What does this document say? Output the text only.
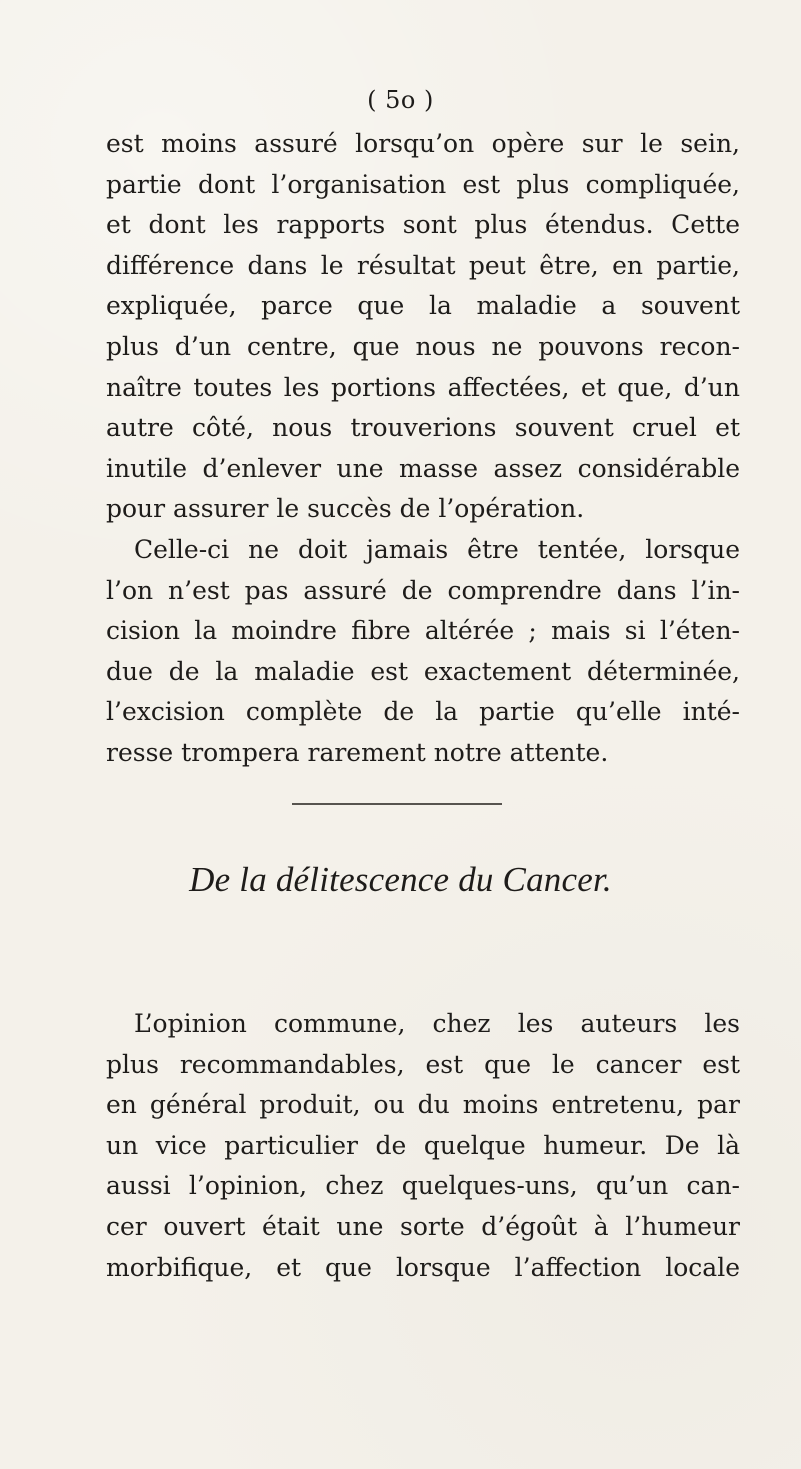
( 5o )
est moins assuré lorsqu’on opère sur le sein,
partie dont l’organisation est plus compliquée,
et dont les rapports sont plus étendus. Cette
différence dans le résultat peut être, en partie,
expliquée, parce que la maladie a souvent
plus d’un centre, que nous ne pouvons recon-
naître toutes les portions affectées, et que, d’un
autre côté, nous trouverions souvent cruel et
inutile d’enlever une masse assez considérable
pour assurer le succès de l’opération.
Celle-ci ne doit jamais être tentée, lorsque
l’on n’est pas assuré de comprendre dans l’in-
cision la moindre fibre altérée ; mais si l’éten-
due de la maladie est exactement déterminée,
l’excision complète de la partie qu’elle inté-
resse trompera rarement notre attente.
De la délitescence du Cancer.
L’opinion commune, chez les auteurs les
plus recommandables, est que le cancer est
en général produit, ou du moins entretenu, par
un vice particulier de quelque humeur. De là
aussi l’opinion, chez quelques-uns, qu’un can-
cer ouvert était une sorte d’égoût à l’humeur
morbifique, et que lorsque l’affection locale
